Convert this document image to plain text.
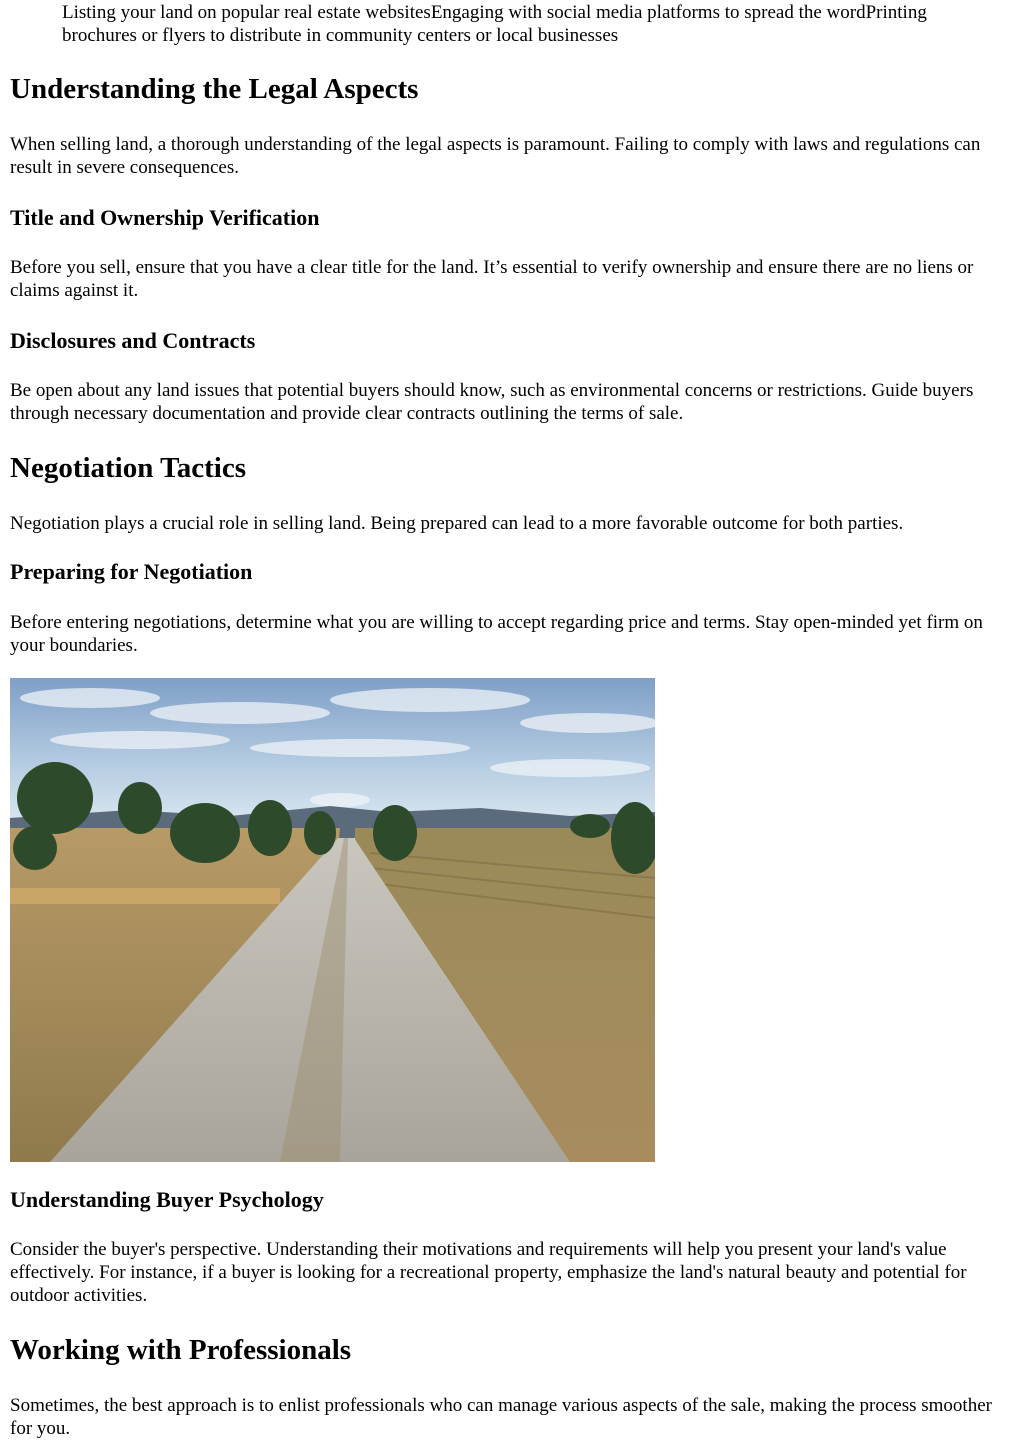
Listing your land on popular real estate websitesEngaging with social media platforms to spread the wordPrinting brochures or flyers to distribute in community centers or local businesses
Understanding the Legal Aspects

When selling land, a thorough understanding of the legal aspects is paramount. Failing to comply with laws and regulations can result in severe consequences.

Title and Ownership Verification

Before you sell, ensure that you have a clear title for the land. It’s essential to verify ownership and ensure there are no liens or claims against it.

Disclosures and Contracts

Be open about any land issues that potential buyers should know, such as environmental concerns or restrictions. Guide buyers through necessary documentation and provide clear contracts outlining the terms of sale.

Negotiation Tactics

Negotiation plays a crucial role in selling land. Being prepared can lead to a more favorable outcome for both parties.

Preparing for Negotiation

Before entering negotiations, determine what you are willing to accept regarding price and terms. Stay open-minded yet firm on your boundaries.

Understanding Buyer Psychology

Consider the buyer's perspective. Understanding their motivations and requirements will help you present your land's value effectively. For instance, if a buyer is looking for a recreational property, emphasize the land's natural beauty and potential for outdoor activities.

Working with Professionals

Sometimes, the best approach is to enlist professionals who can manage various aspects of the sale, making the process smoother for you.
